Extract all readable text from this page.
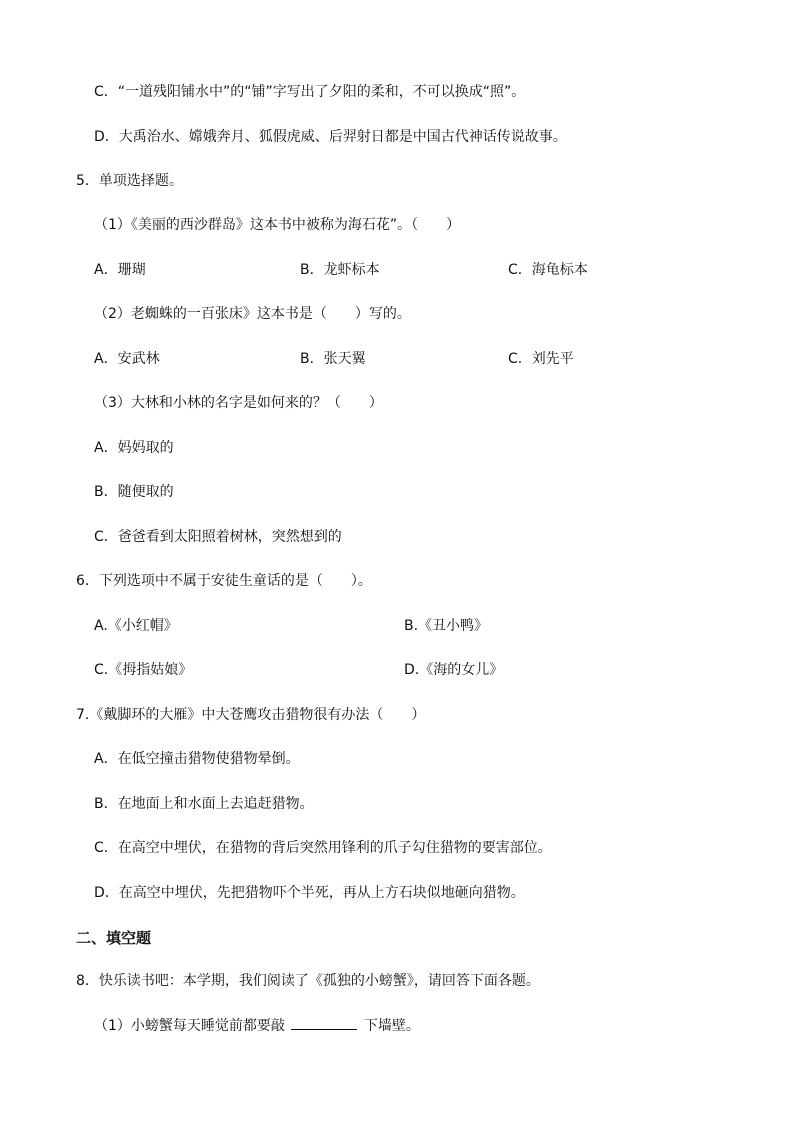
C．“一道残阳铺水中”的“铺”字写出了夕阳的柔和，不可以换成“照”。
D．大禹治水、嫦娥奔月、狐假虎威、后羿射日都是中国古代神话传说故事。
5．单项选择题。
（1）《美丽的西沙群岛》这本书中被称为海石花”。（　　）
A．珊瑚	B．龙虾标本	C．海龟标本
（2）老蜘蛛的一百张床》这本书是（　　）写的。
A．安武林	B．张天翼	C．刘先平
（3）大林和小林的名字是如何来的？（　　）
A．妈妈取的
B．随便取的
C．爸爸看到太阳照着树林，突然想到的
6．下列选项中不属于安徒生童话的是（　　）。
A.《小红帽》	B.《丑小鸭》
C.《拇指姑娘》	D.《海的女儿》
7.《戴脚环的大雁》中大苍鹰攻击猎物很有办法（　　）
A．在低空撞击猎物使猎物晕倒。
B．在地面上和水面上去追赶猎物。
C．在高空中埋伏，在猎物的背后突然用锋利的爪子勾住猎物的要害部位。
D．在高空中埋伏，先把猎物吓个半死，再从上方石块似地砸向猎物。
二、填空题
8．快乐读书吧：本学期，我们阅读了《孤独的小螃蟹》，请回答下面各题。
（1）小螃蟹每天睡觉前都要敲	下墙壁。
